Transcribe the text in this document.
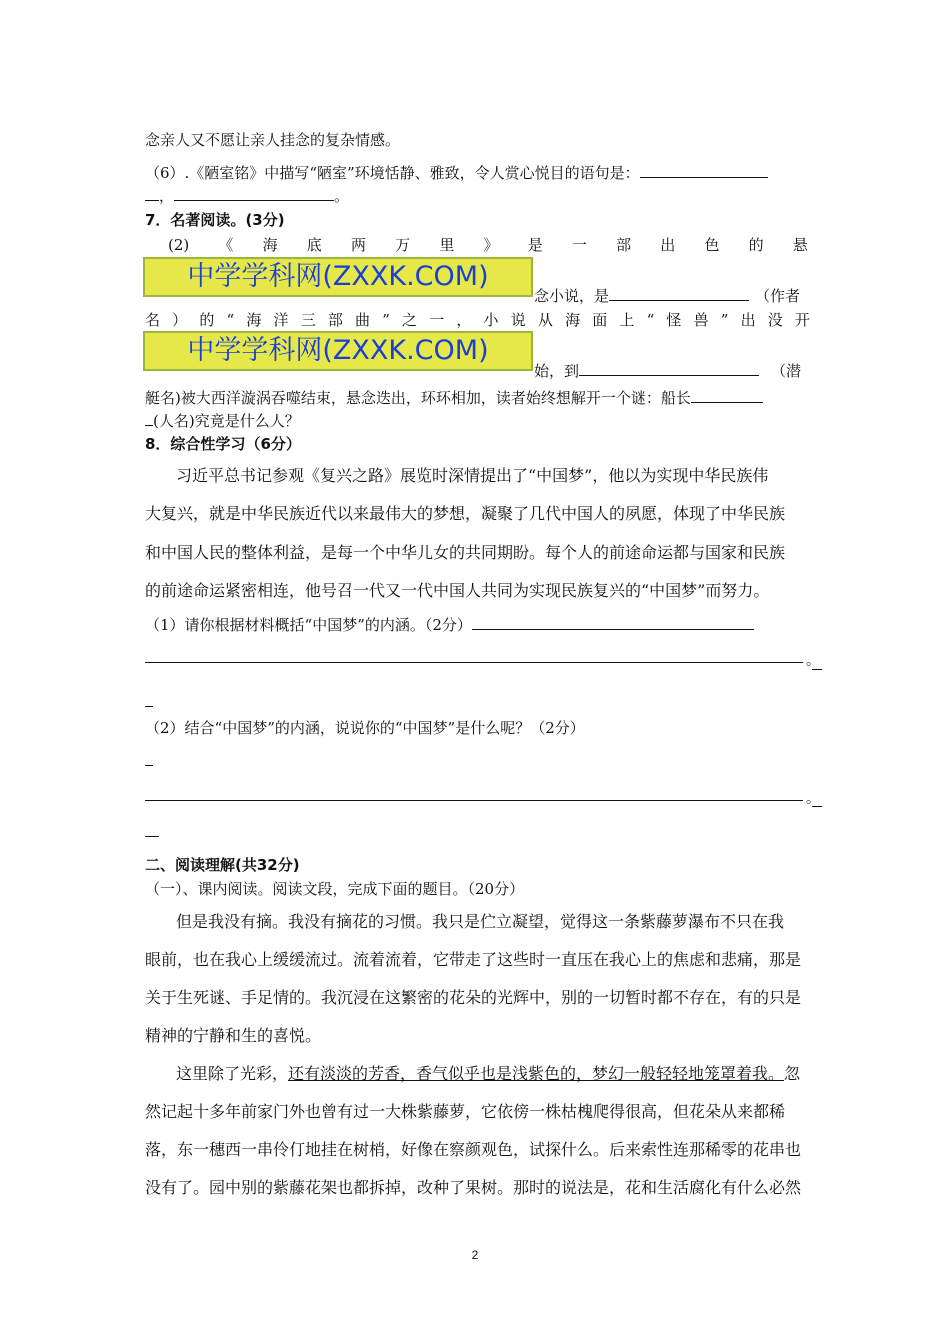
念亲人又不愿让亲人挂念的复杂情感。
（6）.《陋室铭》中描写“陋室”环境恬静、雅致，令人赏心悦目的语句是：
，	。
7．名著阅读。(3分)
(2) 《 海 底 两 万 里 》 是 一 部 出 色 的 悬
中学学科网(ZXXK.COM)
念小说，是	（作者
名 ） 的 “ 海 洋 三 部 曲 ” 之 一 ， 小 说 从 海 面 上 “ 怪 兽 ” 出 没 开
中学学科网(ZXXK.COM)
始，到	（潜
艇名)被大西洋漩涡吞噬结束，悬念迭出，环环相加，读者始终想解开一个谜：船长
(人名)究竟是什么人？
8．综合性学习（6分）
习近平总书记参观《复兴之路》展览时深情提出了“中国梦”，他以为实现中华民族伟
大复兴，就是中华民族近代以来最伟大的梦想，凝聚了几代中国人的夙愿，体现了中华民族
和中国人民的整体利益，是每一个中华儿女的共同期盼。每个人的前途命运都与国家和民族
的前途命运紧密相连，他号召一代又一代中国人共同为实现民族复兴的“中国梦”而努力。
（1）请你根据材料概括“中国梦”的内涵。（2分）
。
（2）结合“中国梦”的内涵，说说你的“中国梦”是什么呢？（2分）
。
二、阅读理解(共32分)
（一）、课内阅读。阅读文段，完成下面的题目。（20分）
但是我没有摘。我没有摘花的习惯。我只是伫立凝望，觉得这一条紫藤萝瀑布不只在我
眼前，也在我心上缓缓流过。流着流着，它带走了这些时一直压在我心上的焦虑和悲痛，那是
关于生死谜、手足情的。我沉浸在这繁密的花朵的光辉中，别的一切暂时都不存在，有的只是
精神的宁静和生的喜悦。
这里除了光彩，还有淡淡的芳香，香气似乎也是浅紫色的，梦幻一般轻轻地笼罩着我。忽
然记起十多年前家门外也曾有过一大株紫藤萝，它依傍一株枯槐爬得很高，但花朵从来都稀
落，东一穗西一串伶仃地挂在树梢，好像在察颜观色，试探什么。后来索性连那稀零的花串也
没有了。园中别的紫藤花架也都拆掉，改种了果树。那时的说法是，花和生活腐化有什么必然
2
